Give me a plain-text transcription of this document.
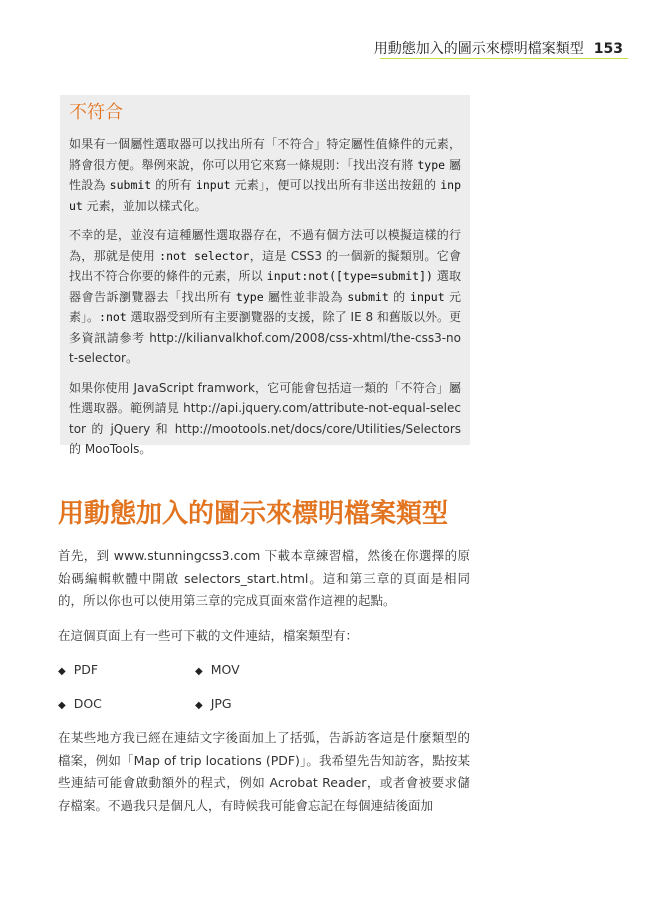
用動態加入的圖示來標明檔案類型 153
不符合

如果有一個屬性選取器可以找出所有「不符合」特定屬性值條件的元素，將會很方便。舉例來說，你可以用它來寫一條規則：「找出沒有將 type 屬性設為 submit 的所有 input 元素」，便可以找出所有非送出按鈕的 input 元素，並加以樣式化。

不幸的是，並沒有這種屬性選取器存在，不過有個方法可以模擬這樣的行為，那就是使用 :not selector，這是 CSS3 的一個新的擬類別。它會找出不符合你要的條件的元素，所以 input:not([type=submit]) 選取器會告訴瀏覽器去「找出所有 type 屬性並非設為 submit 的 input 元素」。:not 選取器受到所有主要瀏覽器的支援，除了 IE 8 和舊版以外。更多資訊請參考 http://kilianvalkhof.com/2008/css-xhtml/the-css3-not-selector。

如果你使用 JavaScript framwork，它可能會包括這一類的「不符合」屬性選取器。範例請見 http://api.jquery.com/attribute-not-equal-selector 的 jQuery 和 http://mootools.net/docs/core/Utilities/Selectors 的 MooTools。

用動態加入的圖示來標明檔案類型

首先，到 www.stunningcss3.com 下載本章練習檔，然後在你選擇的原始碼編輯軟體中開啟 selectors_start.html。這和第三章的頁面是相同的，所以你也可以使用第三章的完成頁面來當作這裡的起點。

在這個頁面上有一些可下載的文件連結，檔案類型有：

◆ PDF	◆ MOV
◆ DOC	◆ JPG

在某些地方我已經在連結文字後面加上了括弧，告訴訪客這是什麼類型的檔案，例如「Map of trip locations (PDF)」。我希望先告知訪客，點按某些連結可能會啟動額外的程式，例如 Acrobat Reader，或者會被要求儲存檔案。不過我只是個凡人，有時候我可能會忘記在每個連結後面加
